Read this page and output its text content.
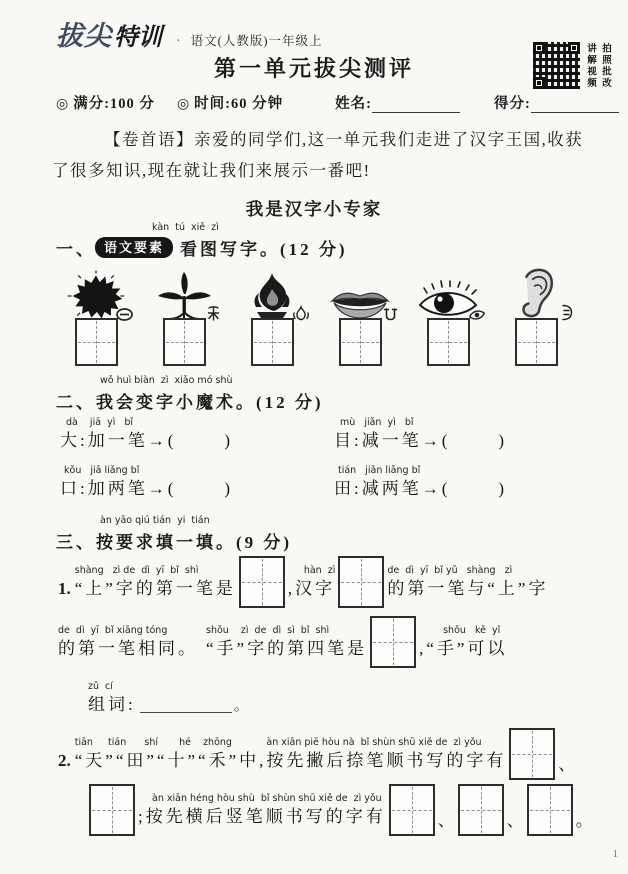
拔尖 特训 · 语文(人教版)一年级上
第一单元拔尖测评	讲解视频 拍照批改
◎ 满分:100 分 ◎ 时间:60 分钟	姓名:	得分:
【卷首语】亲爱的同学们,这一单元我们走进了汉字王国,收获了很多知识,现在就让我们来展示一番吧!
我是汉字小专家
kàn  tú  xiě  zì
一、 语文要素 看图写字。(12 分)
wǒ huì biàn  zì  xiǎo mó shù
二、 我会变字小魔术。(12 分)
dà    jiā  yì   bǐ
大:加一笔→(　　　)
mù   jiǎn  yì   bǐ
目:减一笔→(　　　)
kǒu   jiā liǎng bǐ
口:加两笔→(　　　)
tián   jiǎn liǎng bǐ
田:减两笔→(　　　)
àn yāo qiú tián  yi  tián
三、 按要求填一填。(9 分)
1.
shàng   zì de  dì  yī  bǐ  shì
“上”字的第一笔是
hàn  zì
,汉字
de  dì  yī  bǐ yǔ   shàng   zì
的第一笔与“上”字
de  dì  yī  bǐ xiāng tóng
的第一笔相同。
shǒu    zì  de  dì  sì  bǐ  shì
“手”字的第四笔是
shǒu   kě  yǐ
,“手”可以
zǔ  cí
组词:	。
2.
tiān     tián      shí       hé    zhōng
“天”“田”“十”“禾”中,
àn xiān piē hòu nà  bǐ shùn shū xiě de  zì yǒu
按先撇后捺笔顺书写的字有	、
àn xiān héng hòu shù  bǐ shùn shū xiě de  zì yǒu
;按先横后竖笔顺书写的字有	、	、	。
1
